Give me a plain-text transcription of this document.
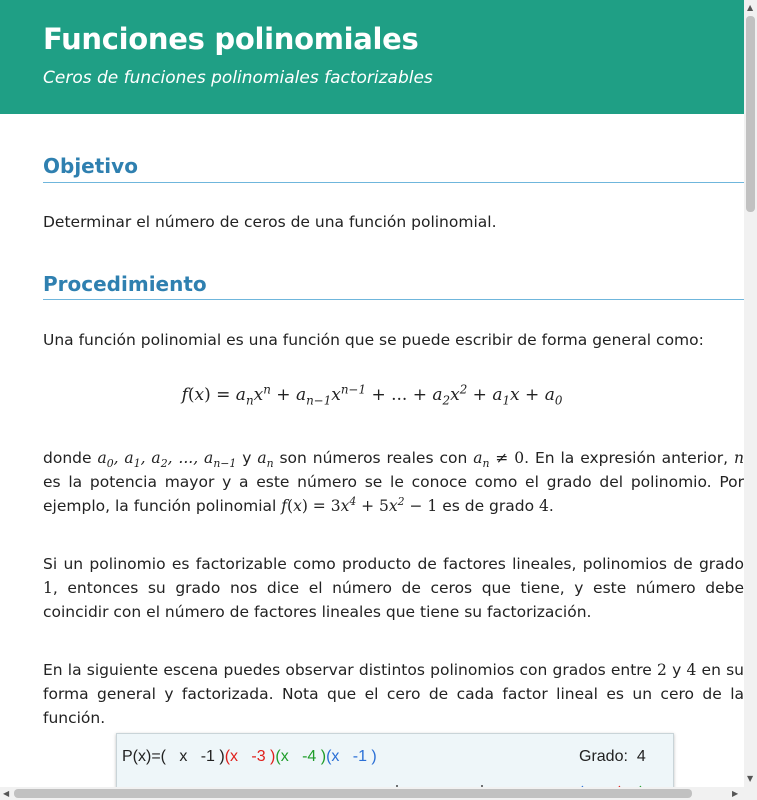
Funciones polinomiales
Ceros de funciones polinomiales factorizables
Objetivo
Determinar el número de ceros de una función polinomial.
Procedimiento
Una función polinomial es una función que se puede escribir de forma general como:
$f(x) = a_nx^n + a_{n-1}x^{n-1}$ + ... + $a_2x^2 + a_1x + a_0$
donde $a_0$, $a_1$, $a_2$, ..., $a_{n-1}$ y $a_n$ son números reales con $a_n \ne 0$. En la expresión anterior, n es la potencia mayor y a este número se le conoce como el grado del polinomio. Por ejemplo, la función polinomial $f(x) = 3x^4 + 5x^2 - 1$ es de grado 4.
Si un polinomio es factorizable como producto de factores lineales, polinomios de grado 1, entonces su grado nos dice el número de ceros que tiene, y este número debe coincidir con el número de factores lineales que tiene su factorización.
En la siguiente escena puedes observar distintos polinomios con grados entre 2 y 4 en su forma general y factorizada. Nota que el cero de cada factor lineal es un cero de la función.
P(x)=( x -1 )(x -3 )(x -4 )(x -1 )	Grado: 4
▲
▼
◀	▶
